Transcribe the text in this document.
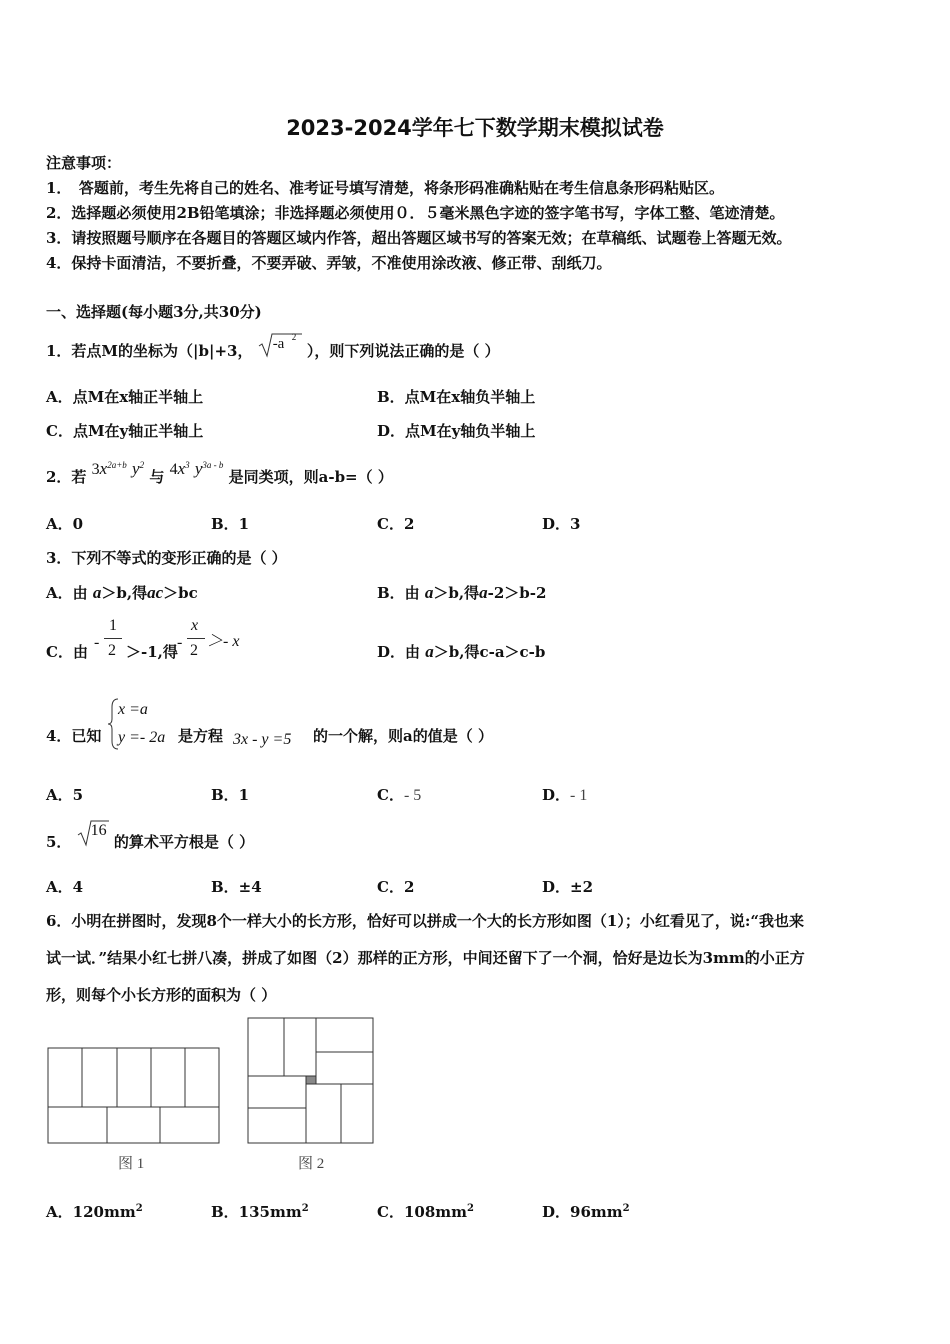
2023-2024学年七下数学期末模拟试卷
注意事项：
1．　答题前，考生先将自己的姓名、准考证号填写清楚，将条形码准确粘贴在考生信息条形码粘贴区。
2．选择题必须使用2B铅笔填涂；非选择题必须使用０．５毫米黑色字迹的签字笔书写，字体工整、笔迹清楚。
3．请按照题号顺序在各题目的答题区域内作答，超出答题区域书写的答案无效；在草稿纸、试题卷上答题无效。
4．保持卡面清洁，不要折叠，不要弄破、弄皱，不准使用涂改液、修正带、刮纸刀。
一、选择题(每小题3分,共30分)
1．若点M的坐标为（|b|+3， -a 2
），则下列说法正确的是（ ）
A．点M在x轴正半轴上	B．点M在x轴负半轴上
C．点M在y轴正半轴上	D．点M在y轴负半轴上
2．若 $3x^{2a+b}$ $y^2$ 与 $4x^3$ $y^{3a - b}$ 是同类项，则a-b=（ ）
A．0	B．1	C．2	D．3
3．下列不等式的变形正确的是（ ）
A．由 a＞b,得ac＞bc	B．由 a＞b,得a-2＞b-2
C．由
-
1
2 ＞-1,得
-
x
2
＞- x
D．由 a＞b,得c-a＞c-b
4．已知
x =a
y =- 2a 是方程 3x - y =5 的一个解，则a的值是（ ）
A．5	B．1	C．- 5	D．- 1
5．
16
的算术平方根是（ ）
A．4	B．±4	C．2	D．±2
6．小明在拼图时，发现8个一样大小的长方形，恰好可以拼成一个大的长方形如图（1）；小红看见了，说:“我也来
试一试．”结果小红七拼八凑，拼成了如图（2）那样的正方形，中间还留下了一个洞，恰好是边长为3mm的小正方
形，则每个小长方形的面积为（ ）
图 1	图 2
A．$120mm^2$	B．$135mm^2$	C．$108mm^2$	D．$96mm^2$
